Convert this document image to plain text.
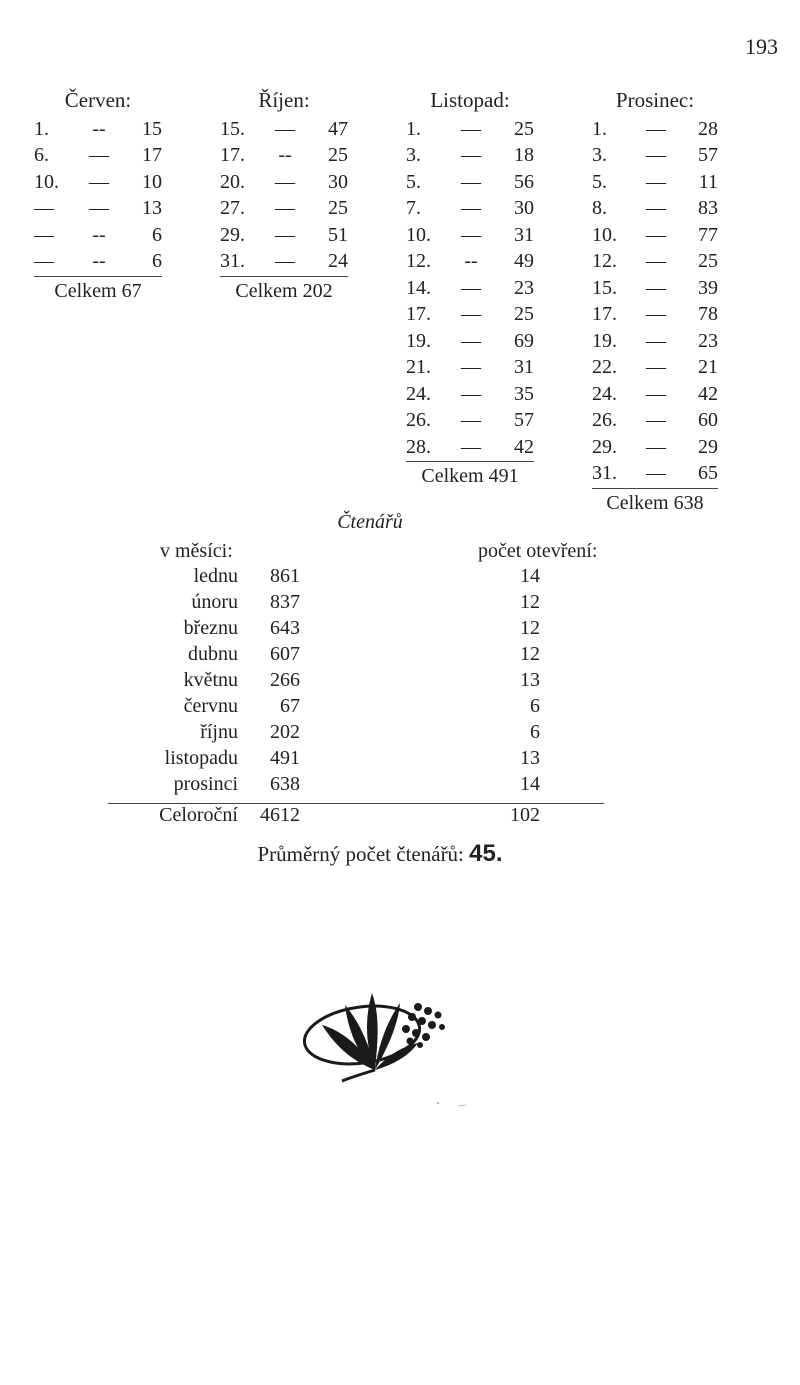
193
Červen:
1.	--	15
6.	—	17
10.	—	10
—	—	13
—	--	6
—	--	6
Celkem 67
Říjen:
15.	—	47
17.	--	25
20.	—	30
27.	—	25
29.	—	51
31.	—	24
Celkem 202
Listopad:
1.	—	25
3.	—	18
5.	—	56
7.	—	30
10.	—	31
12.	--	49
14.	—	23
17.	—	25
19.	—	69
21.	—	31
24.	—	35
26.	—	57
28.	—	42
Celkem 491
Prosinec:
1.	—	28
3.	—	57
5.	—	11
8.	—	83
10.	—	77
12.	—	25
15.	—	39
17.	—	78
19.	—	23
22.	—	21
24.	—	42
26.	—	60
29.	—	29
31.	—	65
Celkem 638
Čtenářů
v měsíci:	počet otevření:
lednu	861	14
únoru	837	12
březnu	643	12
dubnu	607	12
květnu	266	13
červnu	67	6
říjnu	202	6
listopadu	491	13
prosinci	638	14
Celoroční	4612	102
Průměrný počet čtenářů: 45.
